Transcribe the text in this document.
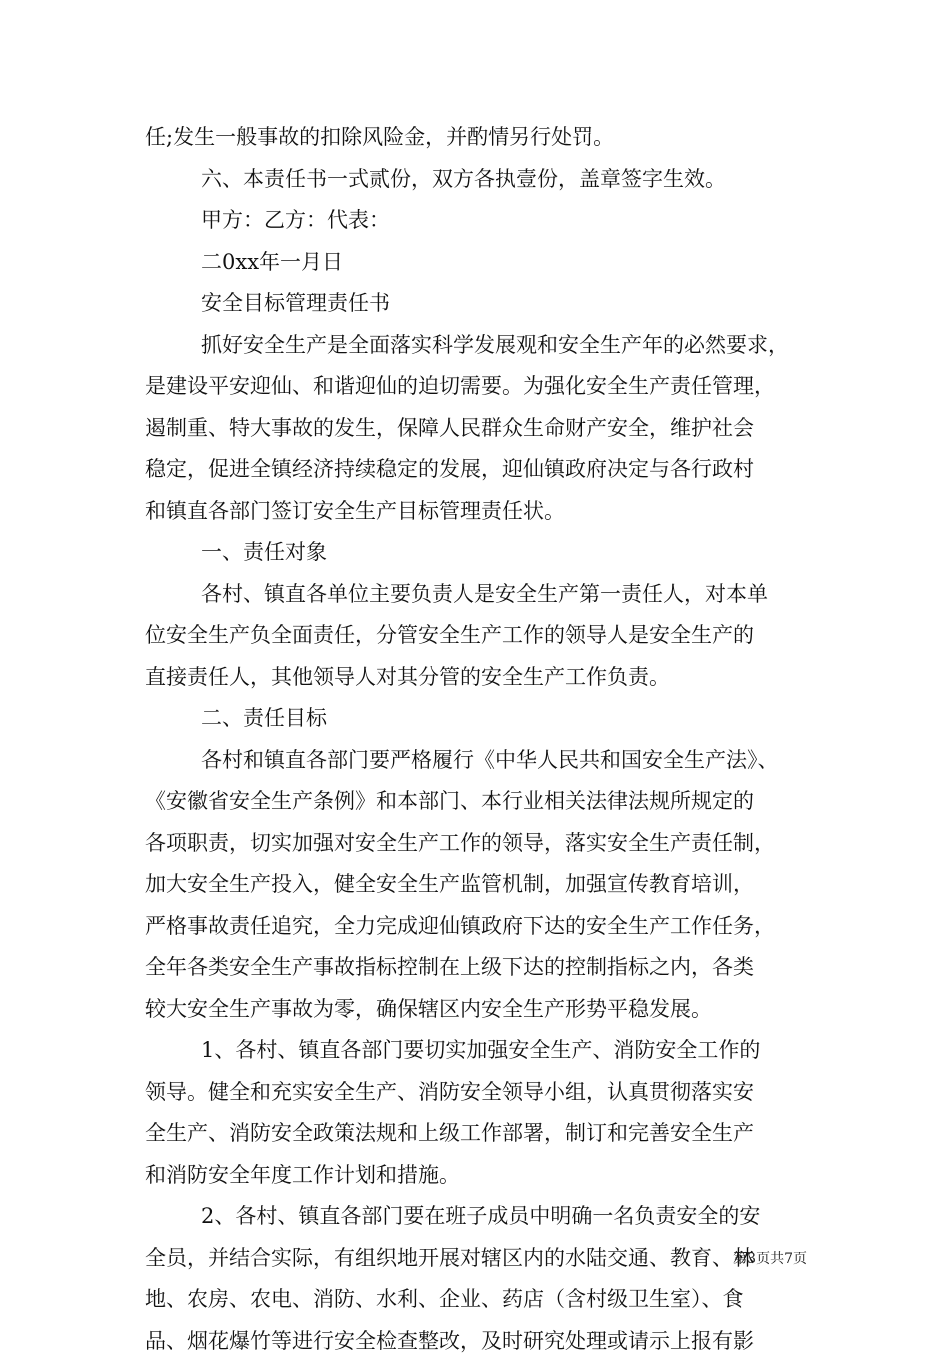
任;发生一般事故的扣除风险金，并酌情另行处罚。
六、本责任书一式贰份，双方各执壹份，盖章签字生效。
甲方：乙方：代表：
二0xx年一月日
安全目标管理责任书
抓好安全生产是全面落实科学发展观和安全生产年的必然要求，
是建设平安迎仙、和谐迎仙的迫切需要。为强化安全生产责任管理，
遏制重、特大事故的发生，保障人民群众生命财产安全，维护社会
稳定，促进全镇经济持续稳定的发展，迎仙镇政府决定与各行政村
和镇直各部门签订安全生产目标管理责任状。
一、责任对象
各村、镇直各单位主要负责人是安全生产第一责任人，对本单
位安全生产负全面责任，分管安全生产工作的领导人是安全生产的
直接责任人，其他领导人对其分管的安全生产工作负责。
二、责任目标
各村和镇直各部门要严格履行《中华人民共和国安全生产法》、
《安徽省安全生产条例》和本部门、本行业相关法律法规所规定的
各项职责，切实加强对安全生产工作的领导，落实安全生产责任制，
加大安全生产投入，健全安全生产监管机制，加强宣传教育培训，
严格事故责任追究，全力完成迎仙镇政府下达的安全生产工作任务，
全年各类安全生产事故指标控制在上级下达的控制指标之内，各类
较大安全生产事故为零，确保辖区内安全生产形势平稳发展。
1、各村、镇直各部门要切实加强安全生产、消防安全工作的
领导。健全和充实安全生产、消防安全领导小组，认真贯彻落实安
全生产、消防安全政策法规和上级工作部署，制订和完善安全生产
和消防安全年度工作计划和措施。
2、各村、镇直各部门要在班子成员中明确一名负责安全的安
全员，并结合实际，有组织地开展对辖区内的水陆交通、教育、林
地、农房、农电、消防、水利、企业、药店（含村级卫生室）、食
品、烟花爆竹等进行安全检查整改，及时研究处理或请示上报有影
第3页共7页
